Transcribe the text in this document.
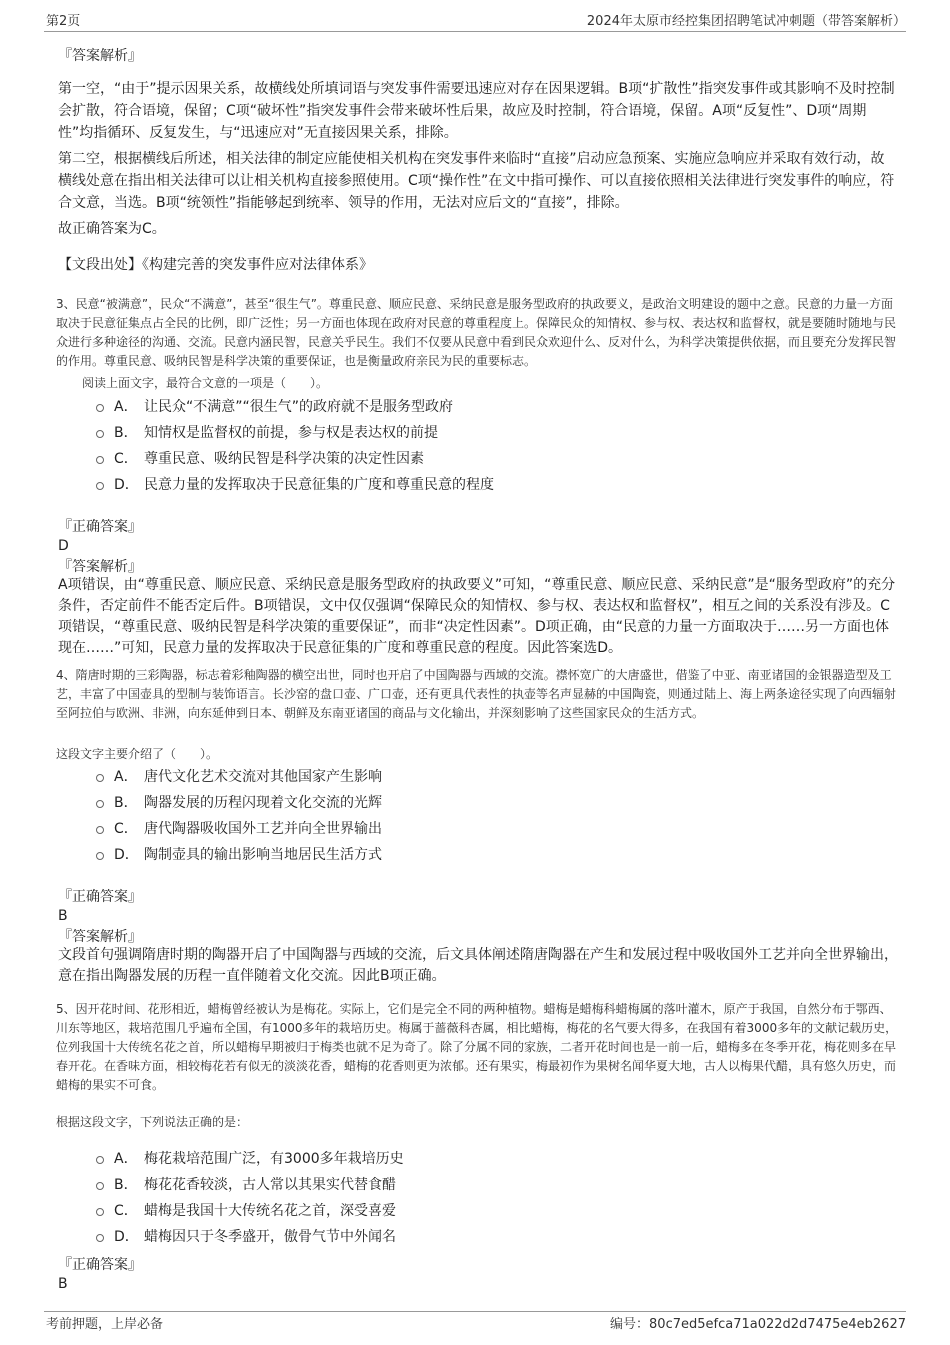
第2页	2024年太原市经控集团招聘笔试冲刺题（带答案解析）
『答案解析』
第一空，“由于”提示因果关系，故横线处所填词语与突发事件需要迅速应对存在因果逻辑。B项“扩散性”指突发事件或其影响不及时控制会扩散，符合语境，保留；C项“破坏性”指突发事件会带来破坏性后果，故应及时控制，符合语境，保留。A项“反复性”、D项“周期性”均指循环、反复发生，与“迅速应对”无直接因果关系，排除。
第二空，根据横线后所述，相关法律的制定应能使相关机构在突发事件来临时“直接”启动应急预案、实施应急响应并采取有效行动，故横线处意在指出相关法律可以让相关机构直接参照使用。C项“操作性”在文中指可操作、可以直接依照相关法律进行突发事件的响应，符合文意，当选。B项“统领性”指能够起到统率、领导的作用，无法对应后文的“直接”，排除。
故正确答案为C。
【文段出处】《构建完善的突发事件应对法律体系》
3、民意“被满意”，民众“不满意”，甚至“很生气”。尊重民意、顺应民意、采纳民意是服务型政府的执政要义，是政治文明建设的题中之意。民意的力量一方面取决于民意征集点占全民的比例，即广泛性；另一方面也体现在政府对民意的尊重程度上。保障民众的知情权、参与权、表达权和监督权，就是要随时随地与民众进行多种途径的沟通、交流。民意内涵民智，民意关乎民生。我们不仅要从民意中看到民众欢迎什么、反对什么，为科学决策提供依据，而且要充分发挥民智的作用。尊重民意、吸纳民智是科学决策的重要保证，也是衡量政府亲民为民的重要标志。
阅读上面文字，最符合文意的一项是（　　）。
A． 让民众“不满意”“很生气”的政府就不是服务型政府
B． 知情权是监督权的前提，参与权是表达权的前提
C． 尊重民意、吸纳民智是科学决策的决定性因素
D． 民意力量的发挥取决于民意征集的广度和尊重民意的程度
『正确答案』
D
『答案解析』
A项错误，由“尊重民意、顺应民意、采纳民意是服务型政府的执政要义”可知，“尊重民意、顺应民意、采纳民意”是“服务型政府”的充分条件，否定前件不能否定后件。B项错误，文中仅仅强调“保障民众的知情权、参与权、表达权和监督权”，相互之间的关系没有涉及。C项错误，“尊重民意、吸纳民智是科学决策的重要保证”，而非“决定性因素”。D项正确，由“民意的力量一方面取决于……另一方面也体现在……”可知，民意力量的发挥取决于民意征集的广度和尊重民意的程度。因此答案选D。
4、隋唐时期的三彩陶器，标志着彩釉陶器的横空出世，同时也开启了中国陶器与西域的交流。襟怀宽广的大唐盛世，借鉴了中亚、南亚诸国的金银器造型及工艺，丰富了中国壶具的型制与装饰语言。长沙窑的盘口壶、广口壶，还有更具代表性的执壶等名声显赫的中国陶瓷，则通过陆上、海上两条途径实现了向西辐射至阿拉伯与欧洲、非洲，向东延伸到日本、朝鲜及东南亚诸国的商品与文化输出，并深刻影响了这些国家民众的生活方式。
这段文字主要介绍了（　　）。
A． 唐代文化艺术交流对其他国家产生影响
B． 陶器发展的历程闪现着文化交流的光辉
C． 唐代陶器吸收国外工艺并向全世界输出
D． 陶制壶具的输出影响当地居民生活方式
『正确答案』
B
『答案解析』
文段首句强调隋唐时期的陶器开启了中国陶器与西域的交流，后文具体阐述隋唐陶器在产生和发展过程中吸收国外工艺并向全世界输出，意在指出陶器发展的历程一直伴随着文化交流。因此B项正确。
5、因开花时间、花形相近，蜡梅曾经被认为是梅花。实际上，它们是完全不同的两种植物。蜡梅是蜡梅科蜡梅属的落叶灌木，原产于我国，自然分布于鄂西、川东等地区，栽培范围几乎遍布全国，有1000多年的栽培历史。梅属于蔷薇科杏属，相比蜡梅，梅花的名气要大得多，在我国有着3000多年的文献记载历史，位列我国十大传统名花之首，所以蜡梅早期被归于梅类也就不足为奇了。除了分属不同的家族，二者开花时间也是一前一后，蜡梅多在冬季开花，梅花则多在早春开花。在香味方面，相较梅花若有似无的淡淡花香，蜡梅的花香则更为浓郁。还有果实，梅最初作为果树名闻华夏大地，古人以梅果代醋，具有悠久历史，而蜡梅的果实不可食。
根据这段文字，下列说法正确的是：
A． 梅花栽培范围广泛，有3000多年栽培历史
B． 梅花花香较淡，古人常以其果实代替食醋
C． 蜡梅是我国十大传统名花之首，深受喜爱
D． 蜡梅因只于冬季盛开，傲骨气节中外闻名
『正确答案』
B
考前押题，上岸必备	编号：80c7ed5efca71a022d2d7475e4eb2627
